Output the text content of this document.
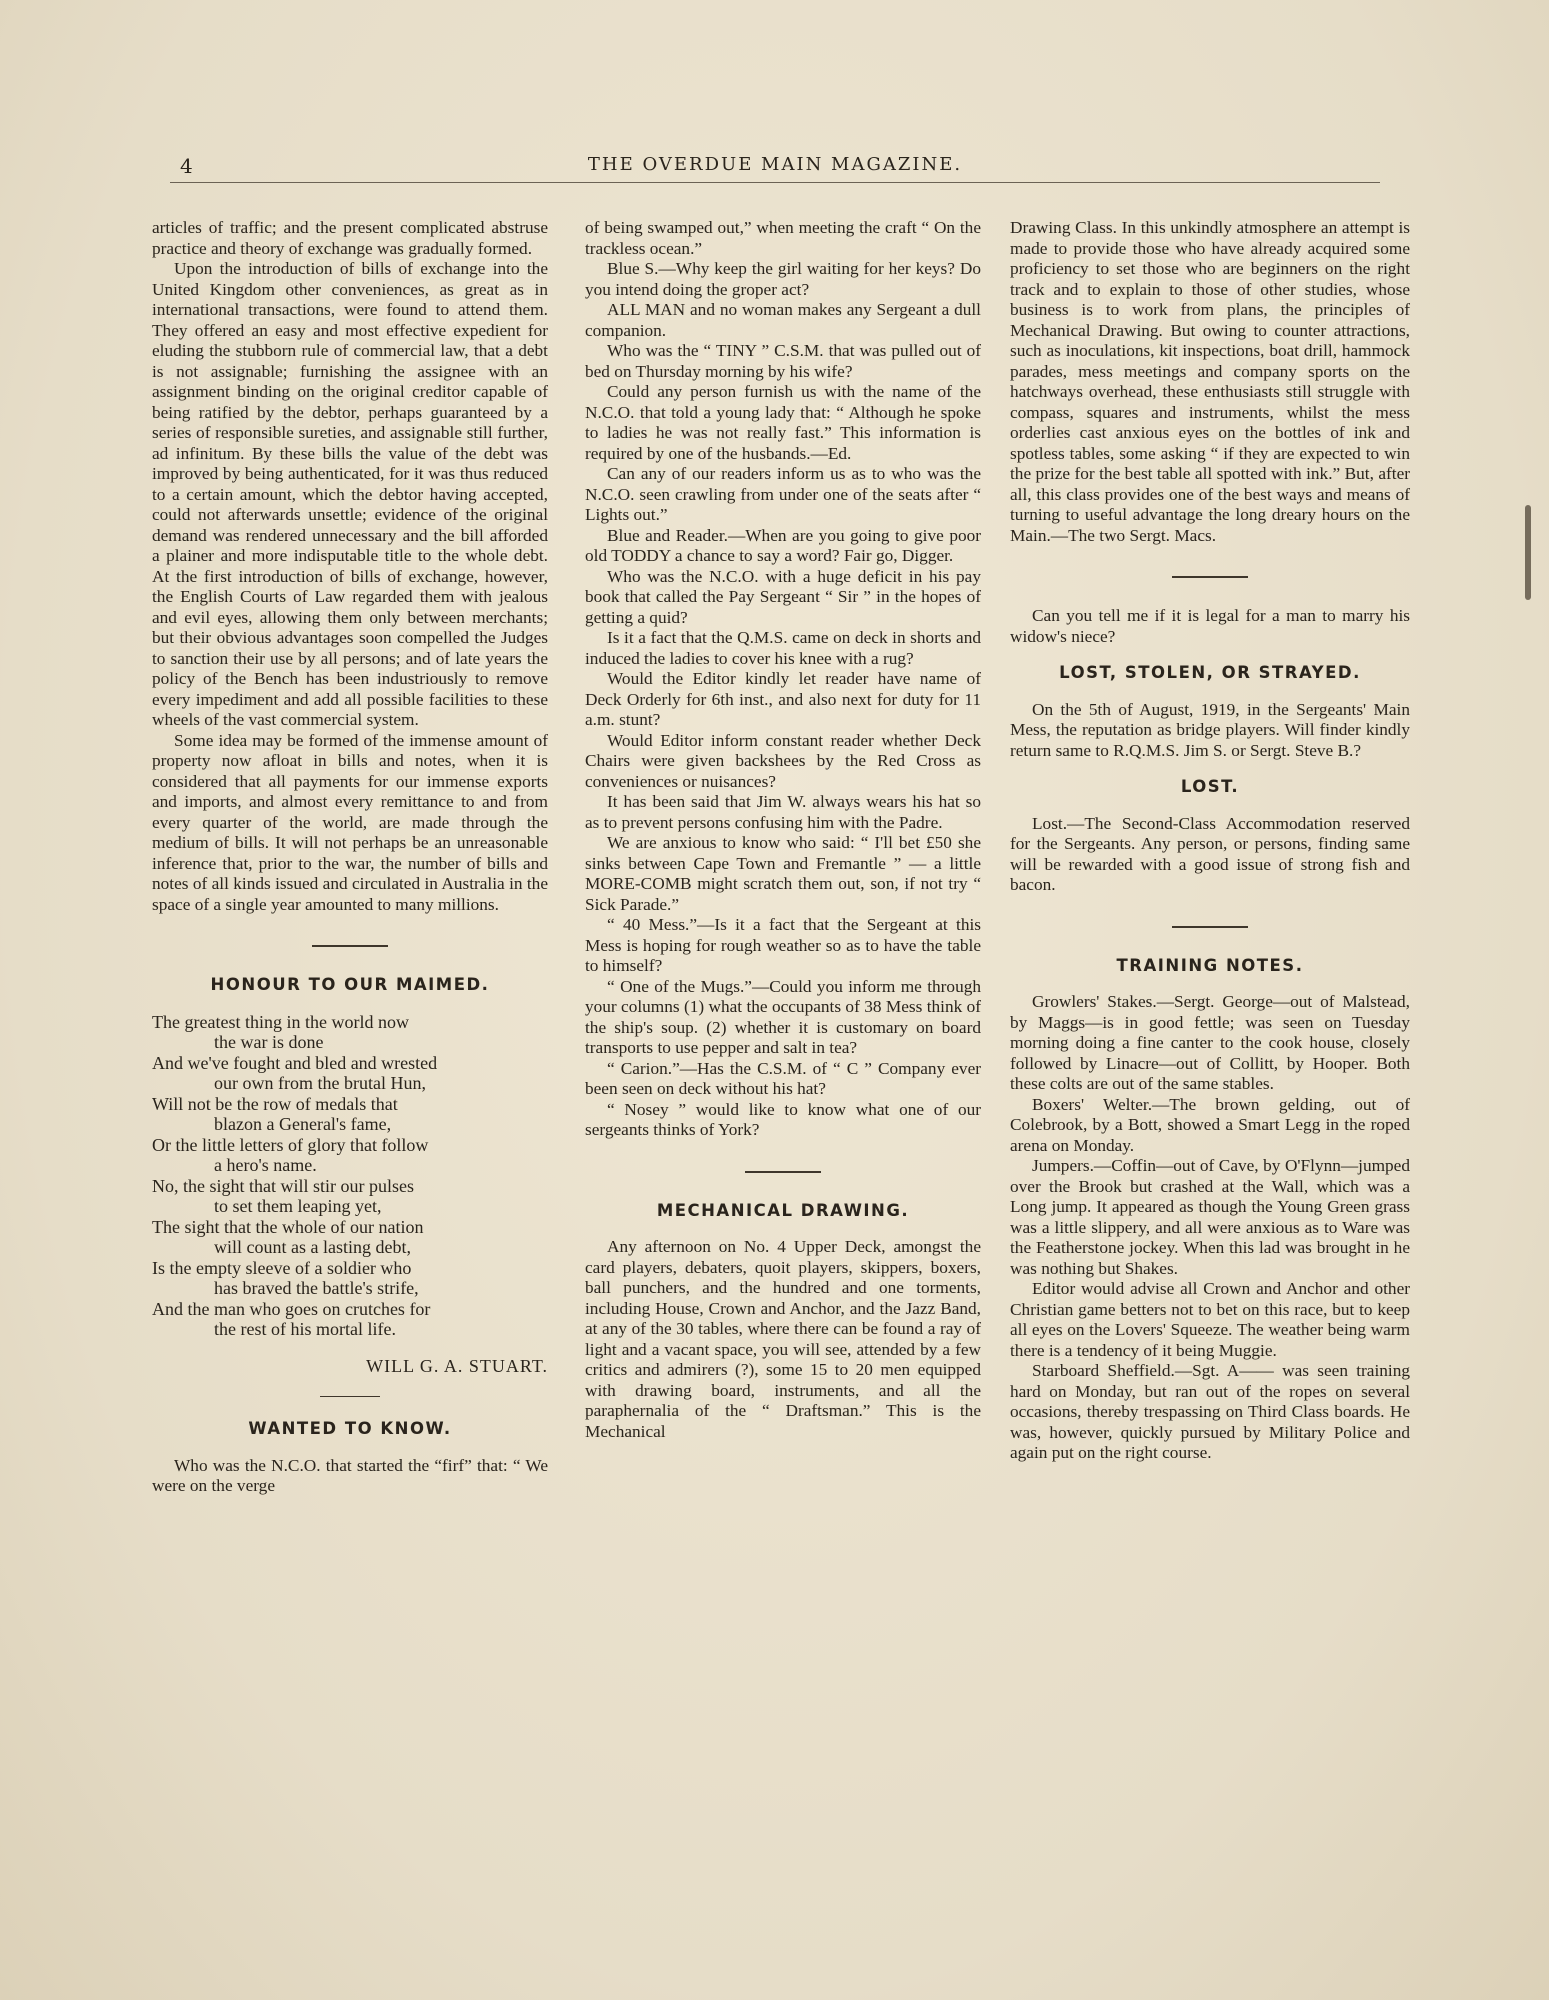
4	THE OVERDUE MAIN MAGAZINE.

articles of traffic; and the present complicated abstruse practice and theory of exchange was gradually formed.

Upon the introduction of bills of exchange into the United Kingdom other conveniences, as great as in international transactions, were found to attend them. They offered an easy and most effective expedient for eluding the stubborn rule of commercial law, that a debt is not assignable; furnishing the assignee with an assignment binding on the original creditor capable of being ratified by the debtor, perhaps guaranteed by a series of responsible sureties, and assignable still further, ad infinitum. By these bills the value of the debt was improved by being authenticated, for it was thus reduced to a certain amount, which the debtor having accepted, could not afterwards unsettle; evidence of the original demand was rendered unnecessary and the bill afforded a plainer and more indisputable title to the whole debt. At the first introduction of bills of exchange, however, the English Courts of Law regarded them with jealous and evil eyes, allowing them only between merchants; but their obvious advantages soon compelled the Judges to sanction their use by all persons; and of late years the policy of the Bench has been industriously to remove every impediment and add all possible facilities to these wheels of the vast commercial system.

Some idea may be formed of the immense amount of property now afloat in bills and notes, when it is considered that all payments for our immense exports and imports, and almost every remittance to and from every quarter of the world, are made through the medium of bills. It will not perhaps be an unreasonable inference that, prior to the war, the number of bills and notes of all kinds issued and circulated in Australia in the space of a single year amounted to many millions.

HONOUR TO OUR MAIMED.
The greatest thing in the world now
the war is done
And we've fought and bled and wrested
our own from the brutal Hun,
Will not be the row of medals that
blazon a General's fame,
Or the little letters of glory that follow
a hero's name.
No, the sight that will stir our pulses
to set them leaping yet,
The sight that the whole of our nation
will count as a lasting debt,
Is the empty sleeve of a soldier who
has braved the battle's strife,
And the man who goes on crutches for
the rest of his mortal life.
WILL G. A. STUART.
WANTED TO KNOW.

Who was the N.C.O. that started the “firf” that: “ We were on the verge

of being swamped out,” when meeting the craft “ On the trackless ocean.”

Blue S.—Why keep the girl waiting for her keys? Do you intend doing the groper act?

ALL MAN and no woman makes any Sergeant a dull companion.

Who was the “ TINY ” C.S.M. that was pulled out of bed on Thursday morning by his wife?

Could any person furnish us with the name of the N.C.O. that told a young lady that: “ Although he spoke to ladies he was not really fast.” This information is required by one of the husbands.—Ed.

Can any of our readers inform us as to who was the N.C.O. seen crawling from under one of the seats after “ Lights out.”

Blue and Reader.—When are you going to give poor old TODDY a chance to say a word? Fair go, Digger.

Who was the N.C.O. with a huge deficit in his pay book that called the Pay Sergeant “ Sir ” in the hopes of getting a quid?

Is it a fact that the Q.M.S. came on deck in shorts and induced the ladies to cover his knee with a rug?

Would the Editor kindly let reader have name of Deck Orderly for 6th inst., and also next for duty for 11 a.m. stunt?

Would Editor inform constant reader whether Deck Chairs were given backshees by the Red Cross as conveniences or nuisances?

It has been said that Jim W. always wears his hat so as to prevent persons confusing him with the Padre.

We are anxious to know who said: “ I'll bet £50 she sinks between Cape Town and Fremantle ” — a little MORE-COMB might scratch them out, son, if not try “ Sick Parade.”

“ 40 Mess.”—Is it a fact that the Sergeant at this Mess is hoping for rough weather so as to have the table to himself?

“ One of the Mugs.”—Could you inform me through your columns (1) what the occupants of 38 Mess think of the ship's soup. (2) whether it is customary on board transports to use pepper and salt in tea?

“ Carion.”—Has the C.S.M. of “ C ” Company ever been seen on deck without his hat?

“ Nosey ” would like to know what one of our sergeants thinks of York?

MECHANICAL DRAWING.

Any afternoon on No. 4 Upper Deck, amongst the card players, debaters, quoit players, skippers, boxers, ball punchers, and the hundred and one torments, including House, Crown and Anchor, and the Jazz Band, at any of the 30 tables, where there can be found a ray of light and a vacant space, you will see, attended by a few critics and admirers (?), some 15 to 20 men equipped with drawing board, instruments, and all the paraphernalia of the “ Draftsman.” This is the Mechanical

Drawing Class. In this unkindly atmosphere an attempt is made to provide those who have already acquired some proficiency to set those who are beginners on the right track and to explain to those of other studies, whose business is to work from plans, the principles of Mechanical Drawing. But owing to counter attractions, such as inoculations, kit inspections, boat drill, hammock parades, mess meetings and company sports on the hatchways overhead, these enthusiasts still struggle with compass, squares and instruments, whilst the mess orderlies cast anxious eyes on the bottles of ink and spotless tables, some asking “ if they are expected to win the prize for the best table all spotted with ink.” But, after all, this class provides one of the best ways and means of turning to useful advantage the long dreary hours on the Main.—The two Sergt. Macs.

Can you tell me if it is legal for a man to marry his widow's niece?

LOST, STOLEN, OR STRAYED.

On the 5th of August, 1919, in the Sergeants' Main Mess, the reputation as bridge players. Will finder kindly return same to R.Q.M.S. Jim S. or Sergt. Steve B.?

LOST.

Lost.—The Second-Class Accommodation reserved for the Sergeants. Any person, or persons, finding same will be rewarded with a good issue of strong fish and bacon.

TRAINING NOTES.

Growlers' Stakes.—Sergt. George—out of Malstead, by Maggs—is in good fettle; was seen on Tuesday morning doing a fine canter to the cook house, closely followed by Linacre—out of Collitt, by Hooper. Both these colts are out of the same stables.

Boxers' Welter.—The brown gelding, out of Colebrook, by a Bott, showed a Smart Legg in the roped arena on Monday.

Jumpers.—Coffin—out of Cave, by O'Flynn—jumped over the Brook but crashed at the Wall, which was a Long jump. It appeared as though the Young Green grass was a little slippery, and all were anxious as to Ware was the Featherstone jockey. When this lad was brought in he was nothing but Shakes.

Editor would advise all Crown and Anchor and other Christian game betters not to bet on this race, but to keep all eyes on the Lovers' Squeeze. The weather being warm there is a tendency of it being Muggie.

Starboard Sheffield.—Sgt. A—— was seen training hard on Monday, but ran out of the ropes on several occasions, thereby trespassing on Third Class boards. He was, however, quickly pursued by Military Police and again put on the right course.
